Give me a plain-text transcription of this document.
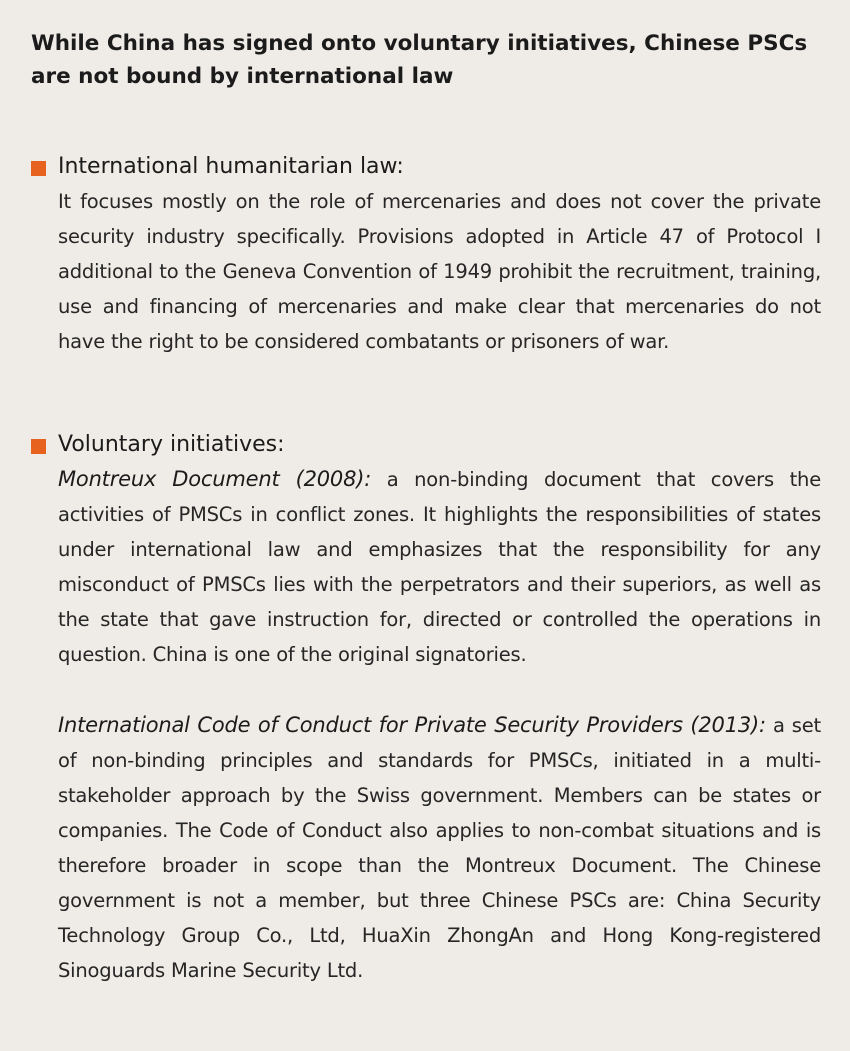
While China has signed onto voluntary initiatives, Chinese PSCs are not bound by international law
International humanitarian law:

It focuses mostly on the role of mercenaries and does not cover the private security industry specifically. Provisions adopted in Article 47 of Protocol I additional to the Geneva Convention of 1949 prohibit the recruitment, training, use and financing of mercenaries and make clear that mercenaries do not have the right to be considered combatants or prisoners of war.

Voluntary initiatives:

Montreux Document (2008): a non-binding document that covers the activities of PMSCs in conflict zones. It highlights the responsibilities of states under international law and emphasizes that the responsibility for any misconduct of PMSCs lies with the perpetrators and their superiors, as well as the state that gave instruction for, directed or controlled the operations in question. China is one of the original signatories.

International Code of Conduct for Private Security Providers (2013): a set of non-binding principles and standards for PMSCs, initiated in a multi-stakeholder approach by the Swiss government. Members can be states or companies. The Code of Conduct also applies to non-combat situations and is therefore broader in scope than the Montreux Document. The Chinese government is not a member, but three Chinese PSCs are: China Security Technology Group Co., Ltd, HuaXin ZhongAn and Hong Kong-registered Sinoguards Marine Security Ltd.
